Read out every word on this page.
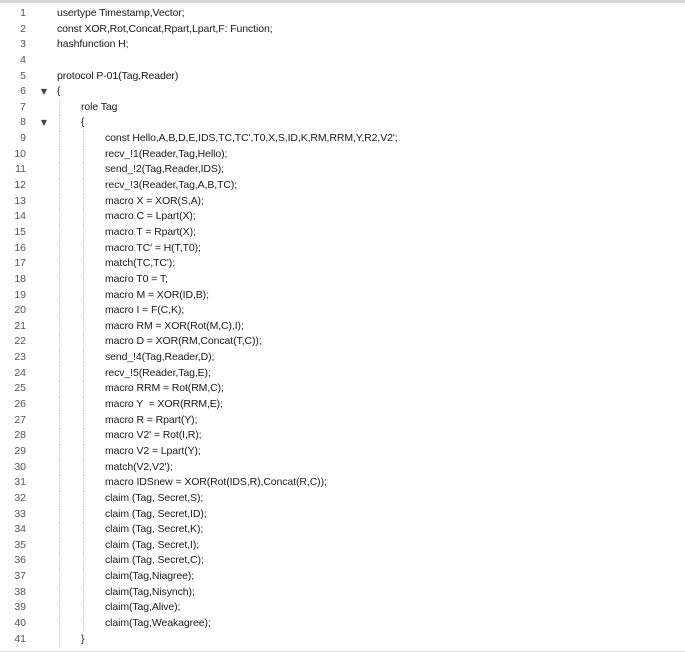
1	usertype Timestamp,Vector;
2	const XOR,Rot,Concat,Rpart,Lpart,F: Function;
3	hashfunction H;
4
5	protocol P-01(Tag,Reader)
6 ▼ {
7	role Tag
8 ▼	{
9	const Hello,A,B,D,E,IDS,TC,TC',T0,X,S,ID,K,RM,RRM,Y,R2,V2';
10	recv_!1(Reader,Tag,Hello);
11	send_!2(Tag,Reader,IDS);
12	recv_!3(Reader,Tag,A,B,TC);
13	macro X = XOR(S,A);
14	macro C = Lpart(X);
15	macro T = Rpart(X);
16	macro TC' = H(T,T0);
17	match(TC,TC');
18	macro T0 = T;
19	macro M = XOR(ID,B);
20	macro I = F(C,K);
21	macro RM = XOR(Rot(M,C),I);
22	macro D = XOR(RM,Concat(T,C));
23	send_!4(Tag,Reader,D);
24	recv_!5(Reader,Tag,E);
25	macro RRM = Rot(RM,C);
26	macro Y  = XOR(RRM,E);
27	macro R = Rpart(Y);
28	macro V2' = Rot(I,R);
29	macro V2 = Lpart(Y);
30	match(V2,V2');
31	macro IDSnew = XOR(Rot(IDS,R),Concat(R,C));
32	claim (Tag, Secret,S);
33	claim (Tag, Secret,ID);
34	claim (Tag, Secret,K);
35	claim (Tag, Secret,I);
36	claim (Tag, Secret,C);
37	claim(Tag,Niagree);
38	claim(Tag,Nisynch);
39	claim(Tag,Alive);
40	claim(Tag,Weakagree);
41	}
